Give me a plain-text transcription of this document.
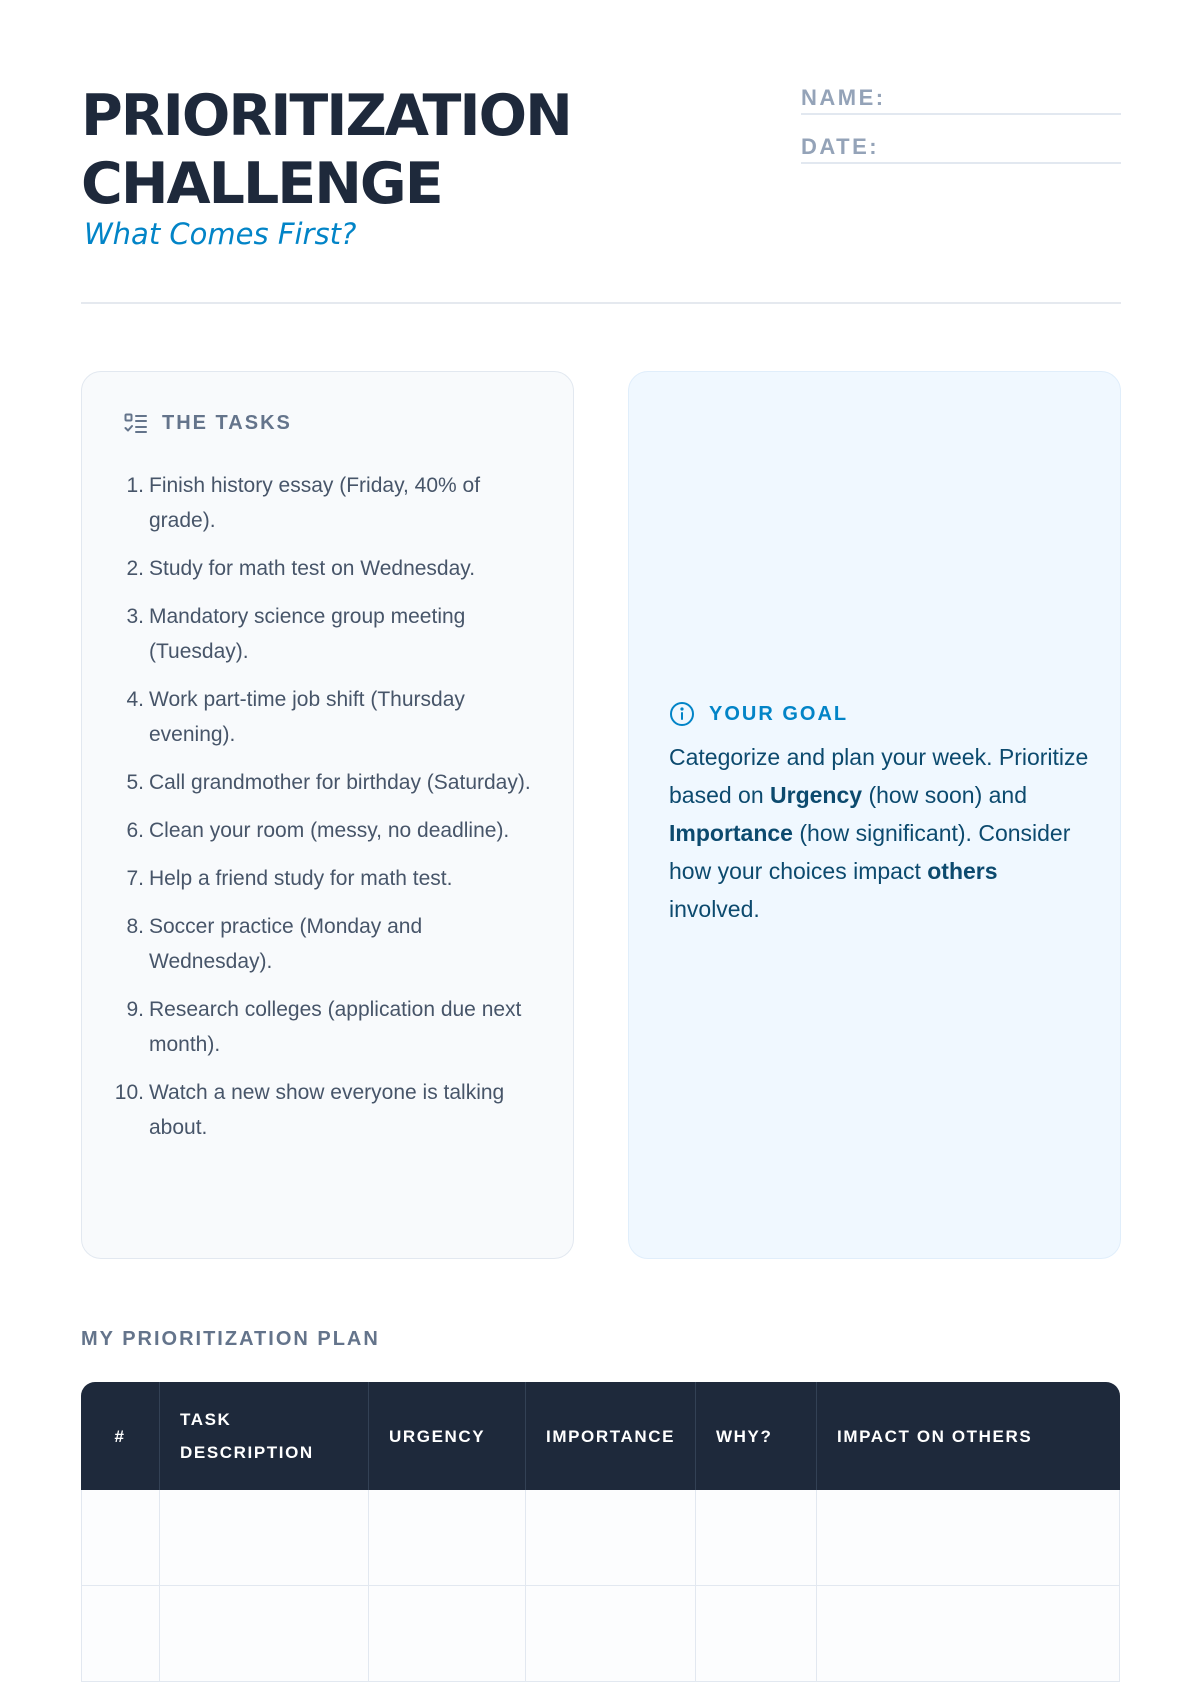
PRIORITIZATION
CHALLENGE

What Comes First?

NAME:
DATE:
THE TASKS
1. Finish history essay (Friday, 40% of grade).
2. Study for math test on Wednesday.
3. Mandatory science group meeting (Tuesday).
4. Work part-time job shift (Thursday evening).
5. Call grandmother for birthday (Saturday).
6. Clean your room (messy, no deadline).
7. Help a friend study for math test.
8. Soccer practice (Monday and Wednesday).
9. Research colleges (application due next month).
10. Watch a new show everyone is talking about.
YOUR GOAL

Categorize and plan your week. Prioritize based on Urgency (how soon) and Importance (how significant). Consider how your choices impact others involved.

MY PRIORITIZATION PLAN
#	TASK DESCRIPTION	URGENCY	IMPORTANCE	WHY?	IMPACT ON OTHERS
